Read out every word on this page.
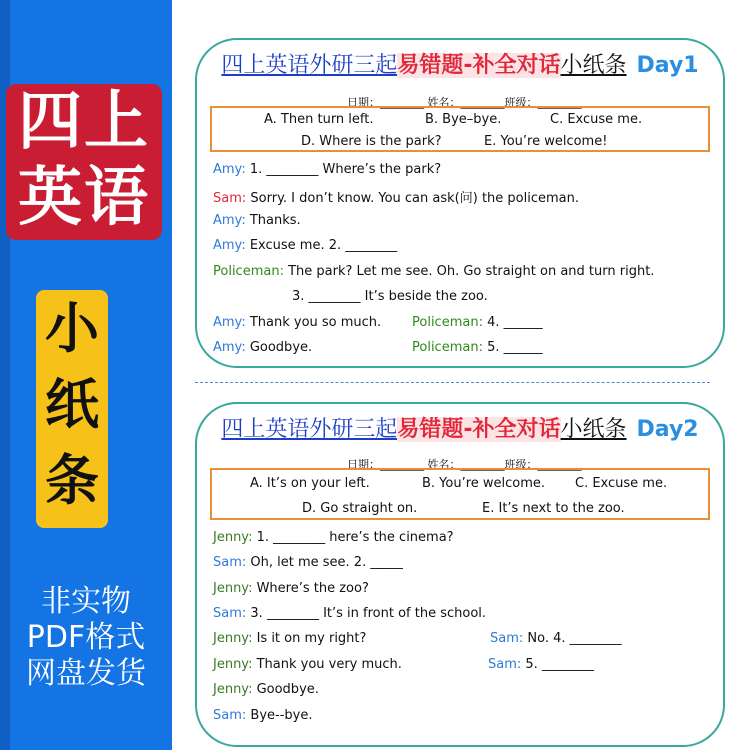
四上
英语
小
纸
条
非实物
PDF格式
网盘发货
四上英语外研三起易错题-补全对话小纸条 Day1
日期：________ 姓名：________班级：________
A. Then turn left.	B. Bye–bye.	C. Excuse me.
D. Where is the park?	E. You’re welcome!
Amy: 1. ________ Where’s the park?
Sam: Sorry. I don’t know. You can ask(问) the policeman.
Amy: Thanks.
Amy: Excuse me. 2. ________
Policeman: The park? Let me see. Oh. Go straight on and turn right.
3. ________ It’s beside the zoo.
Amy: Thank you so much. Policeman: 4. ______
Amy: Goodbye.	Policeman: 5. ______
四上英语外研三起易错题-补全对话小纸条 Day2
日期：________ 姓名：________班级：________
A. It’s on your left.	B. You’re welcome. C. Excuse me.
D. Go straight on.	E. It’s next to the zoo.
Jenny: 1. ________ here’s the cinema?
Sam: Oh, let me see. 2. _____
Jenny: Where’s the zoo?
Sam: 3. ________ It’s in front of the school.
Jenny: Is it on my right?	Sam: No. 4. ________
Jenny: Thank you very much.	Sam: 5. ________
Jenny: Goodbye.
Sam: Bye--bye.
